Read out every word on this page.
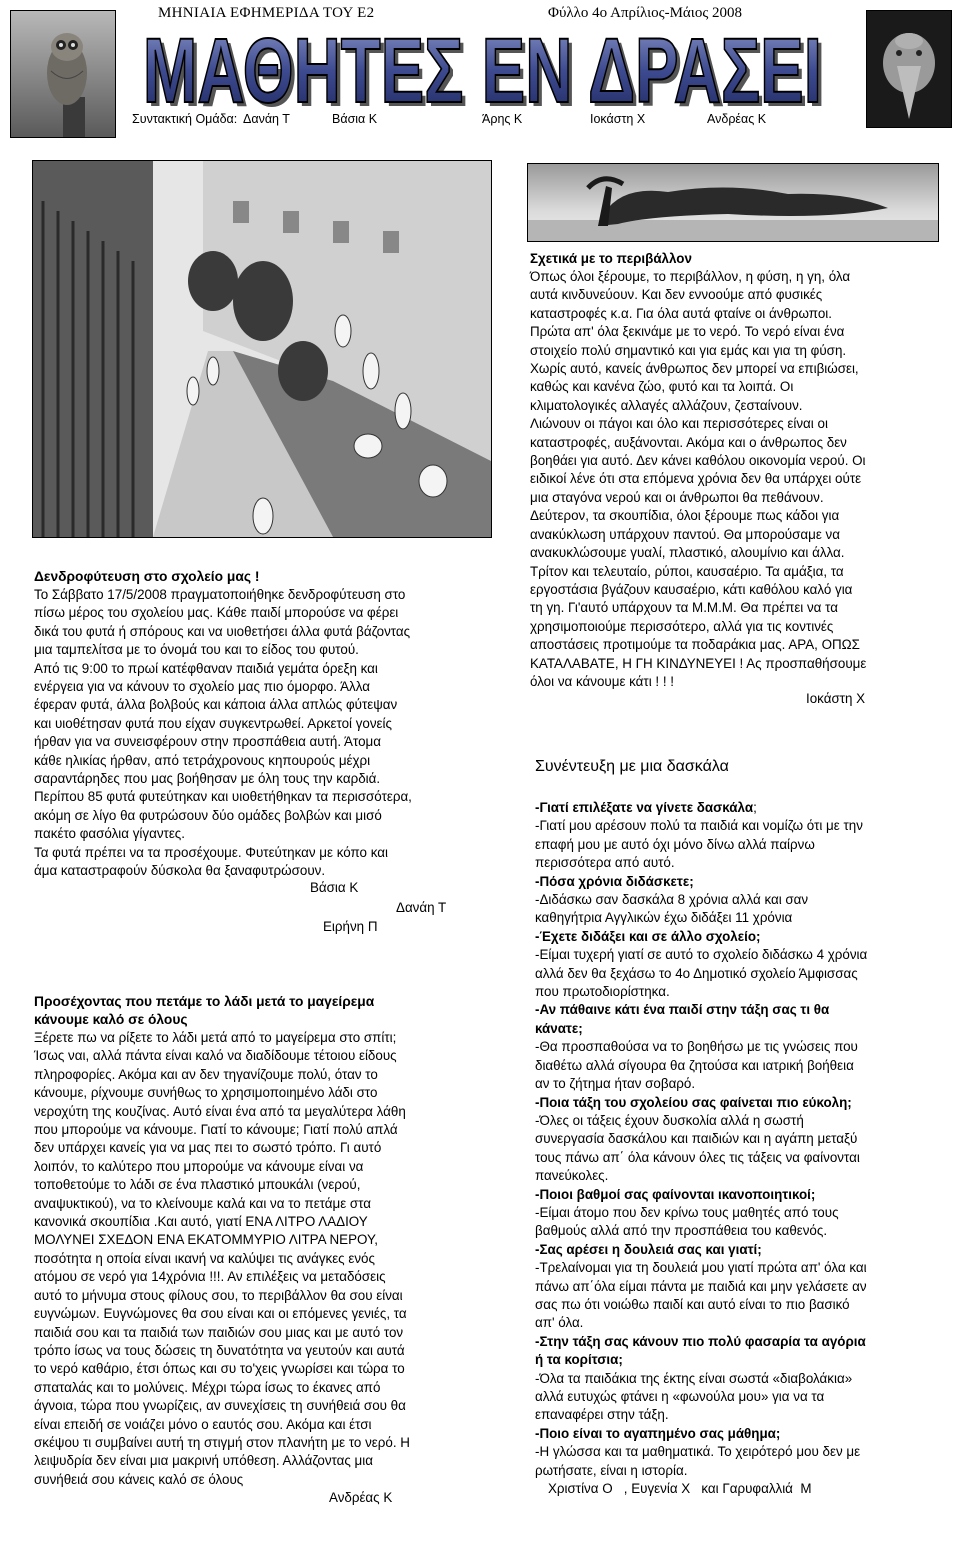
ΜΗΝΙΑΙΑ ΕΦΗΜΕΡΙΔΑ ΤΟΥ Ε2	Φύλλο 4ο Απρίλιος-Μάιος 2008
ΜΑΘΗΤΕΣ ΕΝ ΔΡΑΣΕΙ
ΜΑΘΗΤΕΣ ΕΝ ΔΡΑΣΕΙ
Συντακτική Ομάδα: Δανάη Τ	Βάσια Κ	Άρης Κ	Ιοκάστη Χ	Ανδρέας Κ

Δενδροφύτευση στο σχολείο μας !

Το Σάββατο 17/5/2008 πραγματοποιήθηκε δενδροφύτευση στο
πίσω μέρος του σχολείου μας. Κάθε παιδί μπορούσε να φέρει
δικά του φυτά ή σπόρους και να υιοθετήσει άλλα φυτά βάζοντας
μια ταμπελίτσα με το όνομά του και το είδος του φυτού.
Από τις 9:00 το πρωί κατέφθαναν παιδιά γεμάτα όρεξη και
ενέργεια για να κάνουν το σχολείο μας πιο όμορφο. Άλλα
έφεραν φυτά, άλλα βολβούς και κάποια άλλα απλώς φύτεψαν
και υιοθέτησαν φυτά που είχαν συγκεντρωθεί. Αρκετοί γονείς
ήρθαν για να συνεισφέρουν στην προσπάθεια αυτή. Άτομα
κάθε ηλικίας ήρθαν, από τετράχρονους κηπουρούς μέχρι
σαραντάρηδες που μας βοήθησαν με όλη τους την καρδιά.
Περίπου 85 φυτά φυτεύτηκαν και υιοθετήθηκαν τα περισσότερα,
ακόμη σε λίγο θα φυτρώσουν δύο ομάδες βολβών και μισό
πακέτο φασόλια γίγαντες.
Τα φυτά πρέπει να τα προσέχουμε. Φυτεύτηκαν με κόπο και
άμα καταστραφούν δύσκολα θα ξαναφυτρώσουν.

Βάσια Κ
Δανάη Τ
Ειρήνη Π

Προσέχοντας που πετάμε το λάδι μετά το μαγείρεμα
κάνουμε καλό σε όλους

Ξέρετε πω να ρίξετε το λάδι μετά από το μαγείρεμα στο σπίτι;
Ίσως ναι, αλλά πάντα είναι καλό να διαδίδουμε τέτοιου είδους
πληροφορίες. Ακόμα και αν δεν τηγανίζουμε πολύ, όταν το
κάνουμε, ρίχνουμε συνήθως το χρησιμοποιημένο λάδι στο
νεροχύτη της κουζίνας. Αυτό είναι ένα από τα μεγαλύτερα λάθη
που μπορούμε να κάνουμε. Γιατί το κάνουμε; Γιατί πολύ απλά
δεν υπάρχει κανείς για να μας πει το σωστό τρόπο. Γι αυτό
λοιπόν, το καλύτερο που μπορούμε να κάνουμε είναι να
τοποθετούμε το λάδι σε ένα πλαστικό μπουκάλι (νερού,
αναψυκτικού), να το κλείνουμε καλά και να το πετάμε στα
κανονικά σκουπίδια .Και αυτό, γιατί ΕΝΑ ΛΙΤΡΟ ΛΑΔΙΟΥ
ΜΟΛΥΝΕΙ ΣΧΕΔΟΝ ΕΝΑ ΕΚΑΤΟΜΜΥΡΙΟ ΛΙΤΡΑ ΝΕΡΟΥ,
ποσότητα η οποία είναι ικανή να καλύψει τις ανάγκες ενός
ατόμου σε νερό για 14χρόνια !!!. Αν επιλέξεις να μεταδόσεις
αυτό το μήνυμα στους φίλους σου, το περιβάλλον θα σου είναι
ευγνώμων. Ευγνώμονες θα σου είναι και οι επόμενες γενιές, τα
παιδιά σου και τα παιδιά των παιδιών σου μιας και με αυτό τον
τρόπο ίσως να τους δώσεις τη δυνατότητα να γευτούν και αυτά
το νερό καθάριο, έτσι όπως και συ το'χεις γνωρίσει και τώρα το
σπαταλάς και το μολύνεις. Μέχρι τώρα ίσως το έκανες από
άγνοια, τώρα που γνωρίζεις, αν συνεχίσεις τη συνήθειά σου θα
είναι επειδή σε νοιάζει μόνο ο εαυτός σου. Ακόμα και έτσι
σκέψου τι συμβαίνει αυτή τη στιγμή στον πλανήτη με το νερό. Η
λειψυδρία δεν είναι μια μακρινή υπόθεση. Αλλάζοντας μια
συνήθειά σου κάνεις καλό σε όλους

Ανδρέας Κ

Σχετικά με το περιβάλλον

Όπως όλοι ξέρουμε, το περιβάλλον, η φύση, η γη, όλα
αυτά κινδυνεύουν. Και δεν εννοούμε από φυσικές
καταστροφές κ.α. Για όλα αυτά φταίνε οι άνθρωποι.
Πρώτα απ' όλα ξεκινάμε με το νερό. Το νερό είναι ένα
στοιχείο πολύ σημαντικό και για εμάς και για τη φύση.
Χωρίς αυτό, κανείς άνθρωπος δεν μπορεί να επιβιώσει,
καθώς και κανένα ζώο, φυτό και τα λοιπά. Οι
κλιματολογικές αλλαγές αλλάζουν, ζεσταίνουν.
Λιώνουν οι πάγοι και όλο και περισσότερες είναι οι
καταστροφές, αυξάνονται. Ακόμα και ο άνθρωπος δεν
βοηθάει για αυτό. Δεν κάνει καθόλου οικονομία νερού. Οι
ειδικοί λένε ότι στα επόμενα χρόνια δεν θα υπάρχει ούτε
μια σταγόνα νερού και οι άνθρωποι θα πεθάνουν.
Δεύτερον, τα σκουπίδια, όλοι ξέρουμε πως κάδοι για
ανακύκλωση υπάρχουν παντού. Θα μπορούσαμε να
ανακυκλώσουμε γυαλί, πλαστικό, αλουμίνιο και άλλα.
Τρίτον και τελευταίο, ρύποι, καυσαέριο. Τα αμάξια, τα
εργοστάσια βγάζουν καυσαέριο, κάτι καθόλου καλό για
τη γη. Γι'αυτό υπάρχουν τα Μ.Μ.Μ. Θα πρέπει να τα
χρησιμοποιούμε περισσότερο, αλλά για τις κοντινές
αποστάσεις προτιμούμε τα ποδαράκια μας. ΑΡΑ, ΟΠΩΣ
ΚΑΤΑΛΑΒΑΤΕ, Η ΓΗ ΚΙΝΔΥΝΕΥΕΙ ! Ας προσπαθήσουμε
όλοι να κάνουμε κάτι ! ! !

Ιοκάστη Χ

Συνέντευξη με μια δασκάλα

-Γιατί επιλέξατε να γίνετε δασκάλα;

-Γιατί μου αρέσουν πολύ τα παιδιά και νομίζω ότι με την
επαφή μου με αυτό όχι μόνο δίνω αλλά παίρνω
περισσότερα από αυτό.

-Πόσα χρόνια διδάσκετε;

-Διδάσκω σαν δασκάλα 8 χρόνια αλλά και σαν
καθηγήτρια Αγγλικών έχω διδάξει 11 χρόνια

-Έχετε διδάξει και σε άλλο σχολείο;

-Είμαι τυχερή γιατί σε αυτό το σχολείο διδάσκω 4 χρόνια
αλλά δεν θα ξεχάσω το 4ο Δημοτικό σχολείο Άμφισσας
που πρωτοδιορίστηκα.

-Αν πάθαινε κάτι ένα παιδί στην τάξη σας τι θα
κάνατε;

-Θα προσπαθούσα να το βοηθήσω με τις γνώσεις που
διαθέτω αλλά σίγουρα θα ζητούσα και ιατρική βοήθεια
αν το ζήτημα ήταν σοβαρό.

-Ποια τάξη του σχολείου σας φαίνεται πιο εύκολη;

-Όλες οι τάξεις έχουν δυσκολία αλλά η σωστή
συνεργασία δασκάλου και παιδιών και η αγάπη μεταξύ
τους πάνω απ΄ όλα κάνουν όλες τις τάξεις να φαίνονται
πανεύκολες.

-Ποιοι βαθμοί σας φαίνονται ικανοποιητικοί;

-Είμαι άτομο που δεν κρίνω τους μαθητές από τους
βαθμούς αλλά από την προσπάθεια του καθενός.

-Σας αρέσει η δουλειά σας και γιατί;

-Τρελαίνομαι για τη δουλειά μου γιατί πρώτα απ' όλα και
πάνω απ΄όλα είμαι πάντα με παιδιά και μην γελάσετε αν
σας πω ότι νοιώθω παιδί και αυτό είναι το πιο βασικό
απ' όλα.

-Στην τάξη σας κάνουν πιο πολύ φασαρία τα αγόρια
ή τα κορίτσια;

-Όλα τα παιδάκια της έκτης είναι σωστά «διαβολάκια»
αλλά ευτυχώς φτάνει η «φωνούλα μου» για να τα
επαναφέρει στην τάξη.

-Ποιο είναι το αγαπημένο σας μάθημα;

-Η γλώσσα και τα μαθηματικά. Το χειρότερό μου δεν με
ρωτήσατε, είναι η ιστορία.

Χριστίνα Ο   , Ευγενία Χ   και Γαρυφαλλιά  Μ
